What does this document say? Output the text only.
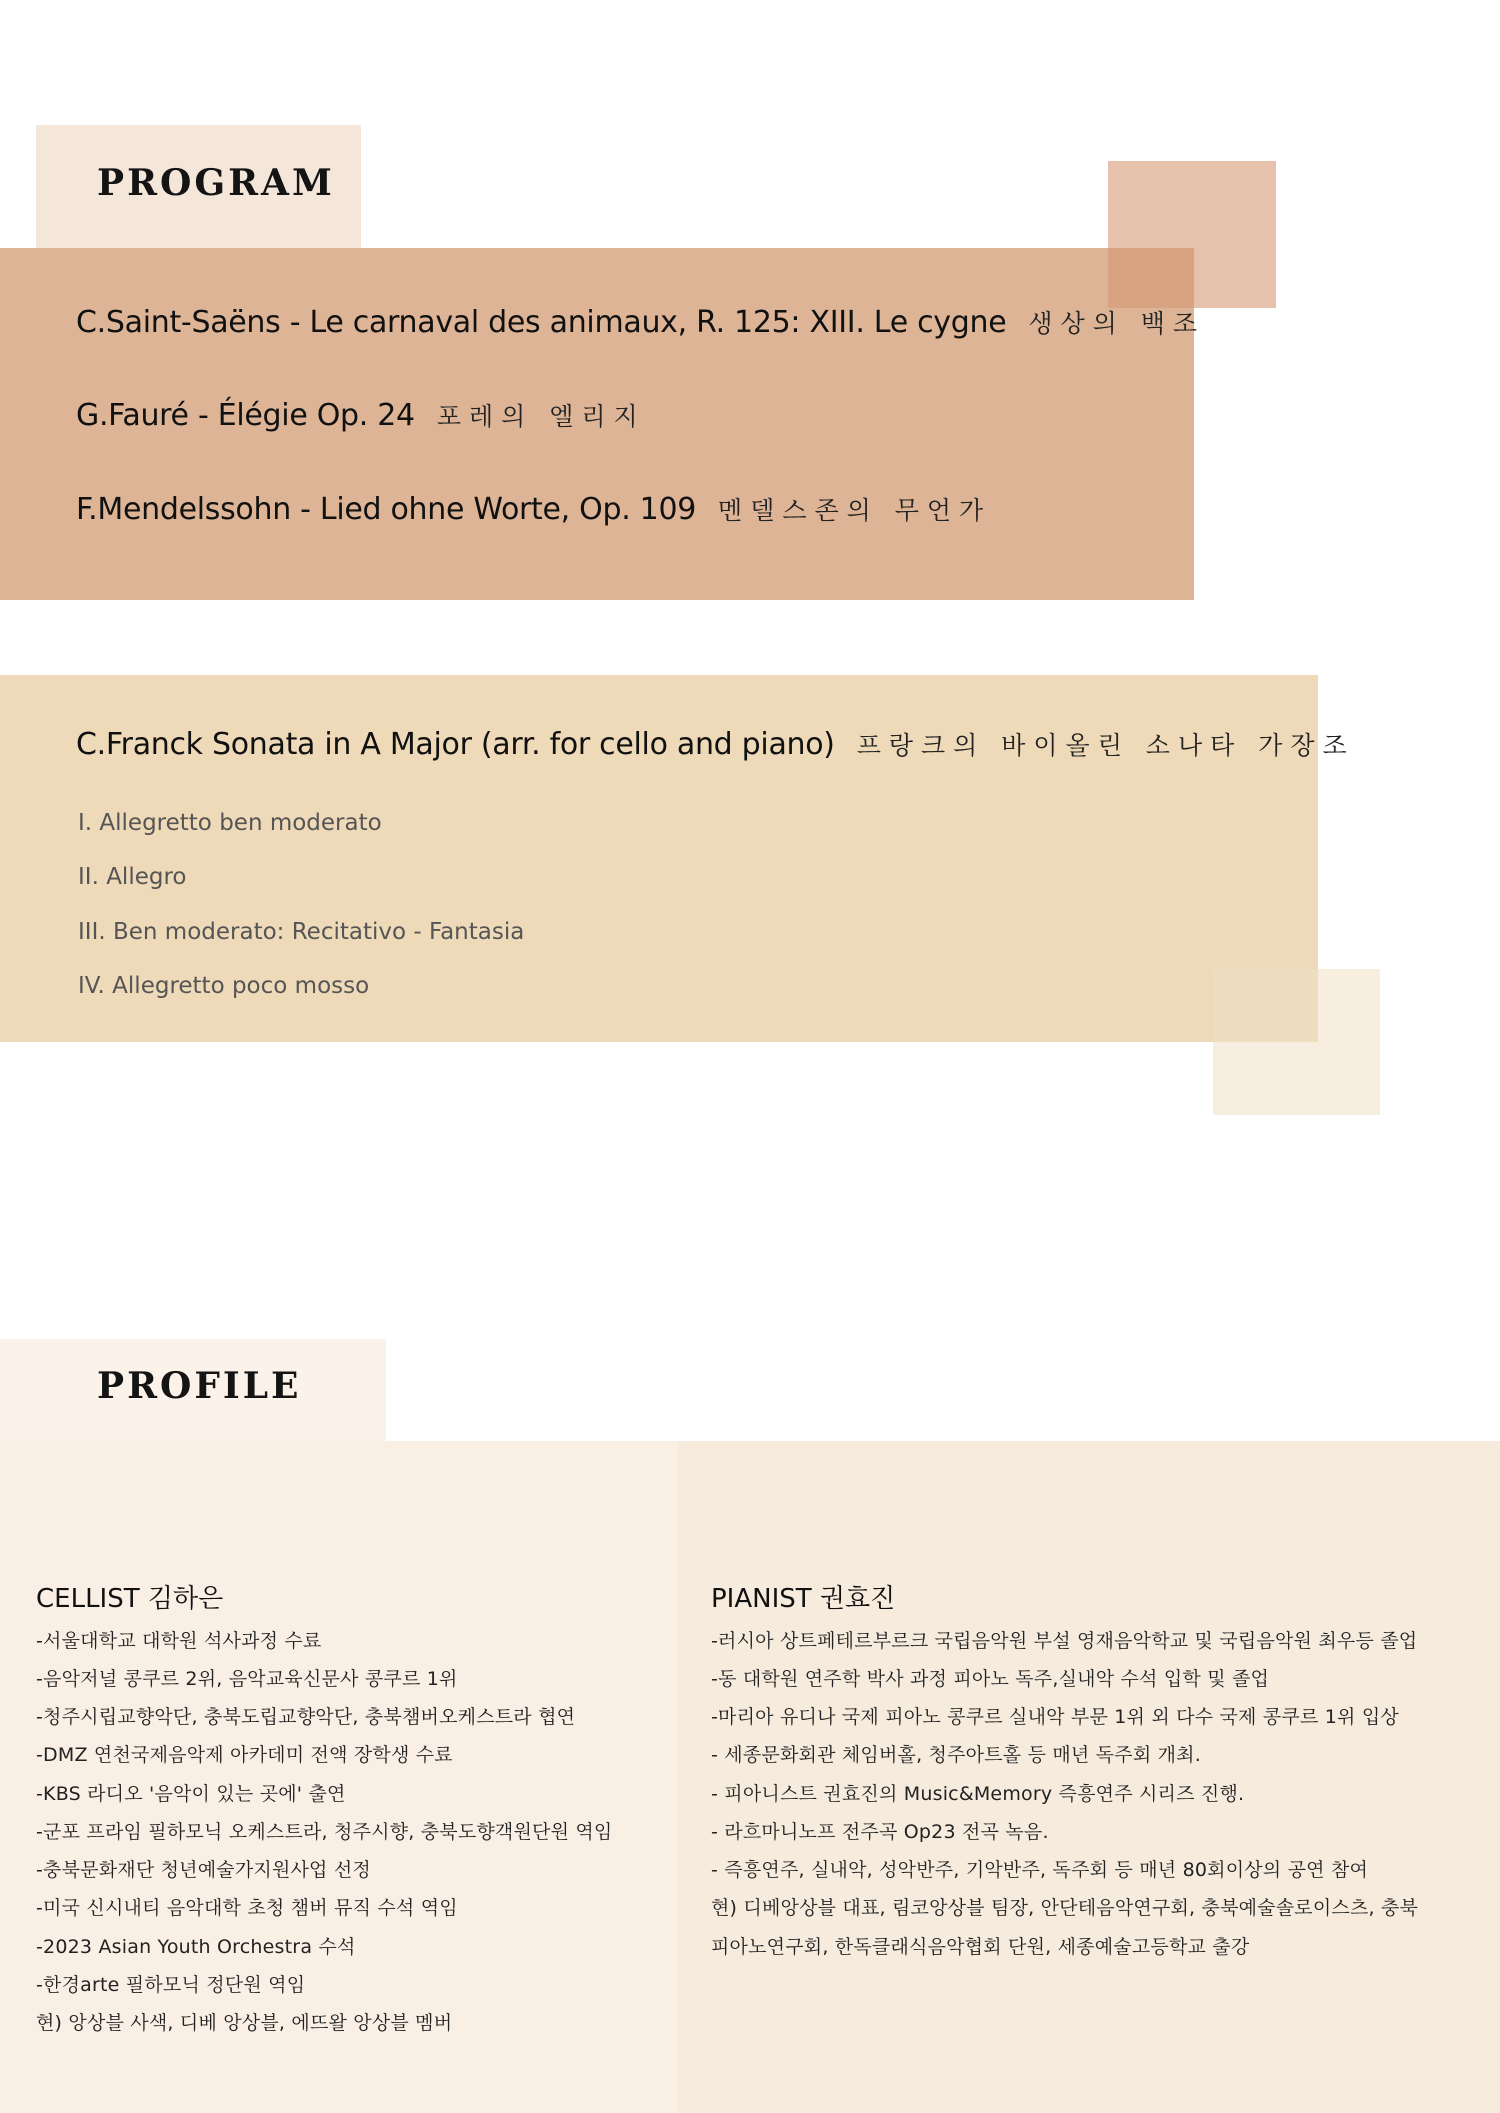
PROGRAM
C.Saint-Saëns - Le carnaval des animaux, R. 125: XIII. Le cygne 생상의 백조
G.Fauré - Élégie Op. 24 포레의 엘리지
F.Mendelssohn - Lied ohne Worte, Op. 109 멘델스존의 무언가
C.Franck Sonata in A Major (arr. for cello and piano) 프랑크의 바이올린 소나타 가장조
I. Allegretto ben moderato
II. Allegro
III. Ben moderato: Recitativo - Fantasia
IV. Allegretto poco mosso
PROFILE
CELLIST 김하은
-서울대학교 대학원 석사과정 수료
-음악저널 콩쿠르 2위, 음악교육신문사 콩쿠르 1위
-청주시립교향악단, 충북도립교향악단, 충북챔버오케스트라 협연
-DMZ 연천국제음악제 아카데미 전액 장학생 수료
-KBS 라디오 '음악이 있는 곳에' 출연
-군포 프라임 필하모닉 오케스트라, 청주시향, 충북도향객원단원 역임
-충북문화재단 청년예술가지원사업 선정
-미국 신시내티 음악대학 초청 챔버 뮤직 수석 역임
-2023 Asian Youth Orchestra 수석
-한경arte 필하모닉 정단원 역임
현) 앙상블 사색, 디베 앙상블, 에뜨왈 앙상블 멤버
PIANIST 권효진
-러시아 상트페테르부르크 국립음악원 부설 영재음악학교 및 국립음악원 최우등 졸업
-동 대학원 연주학 박사 과정 피아노 독주,실내악 수석 입학 및 졸업
-마리아 유디나 국제 피아노 콩쿠르 실내악 부문 1위 외 다수 국제 콩쿠르 1위 입상
- 세종문화회관 체임버홀, 청주아트홀 등 매년 독주회 개최.
- 피아니스트 권효진의 Music&Memory 즉흥연주 시리즈 진행.
- 라흐마니노프 전주곡 Op23 전곡 녹음.
- 즉흥연주, 실내악, 성악반주, 기악반주, 독주회 등 매년 80회이상의 공연 참여
현) 디베앙상블 대표, 림코앙상블 팀장, 안단테음악연구회, 충북예술솔로이스츠, 충북
피아노연구회, 한독클래식음악협회 단원, 세종예술고등학교 출강
